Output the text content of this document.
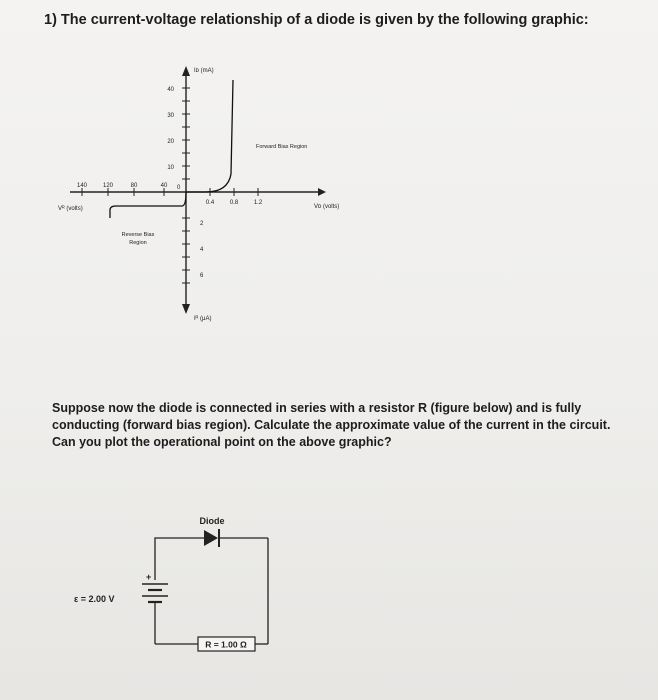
1) The current-voltage relationship of a diode is given by the following graphic:
40
30
20
10
2
4
6
0.4	0.8	1.2
140	120	80	40 0
Iᴅ (mA)
Iᴿ (μA)
Vᴅ (volts)
Vᴿ (volts)
Forward Bias Region
Reverse Bias
Region
Suppose now the diode is connected in series with a resistor R (figure below) and is fully
conducting (forward bias region). Calculate the approximate value of the current in the circuit.
Can you plot the operational point on the above graphic?
+
ε = 2.00 V
Diode
R = 1.00 Ω
